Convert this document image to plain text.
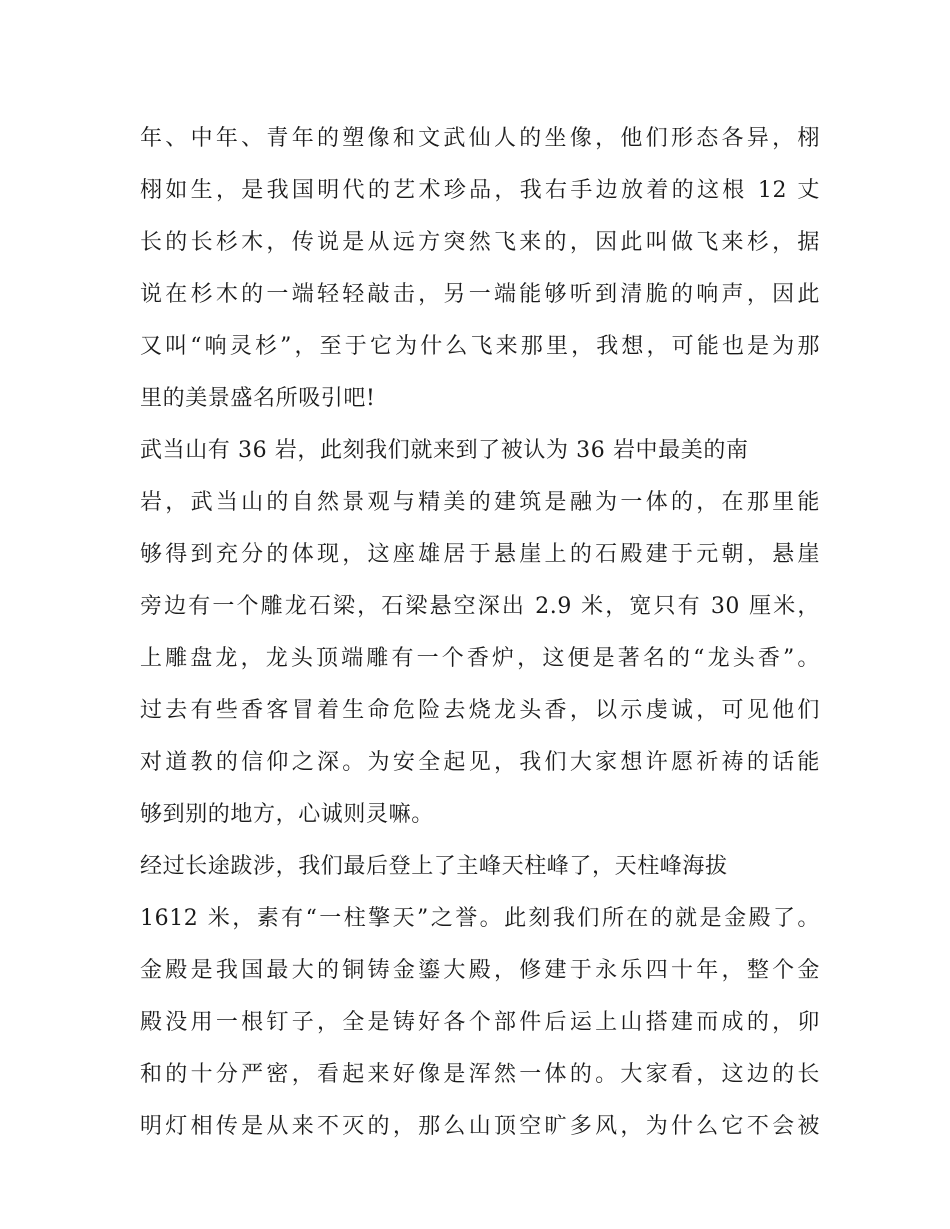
年、中年、青年的塑像和文武仙人的坐像，他们形态各异，栩
栩如生，是我国明代的艺术珍品，我右手边放着的这根 12 丈
长的长杉木，传说是从远方突然飞来的，因此叫做飞来杉，据
说在杉木的一端轻轻敲击，另一端能够听到清脆的响声，因此
又叫“响灵杉”，至于它为什么飞来那里，我想，可能也是为那
里的美景盛名所吸引吧!
武当山有 36 岩，此刻我们就来到了被认为 36 岩中最美的南
岩，武当山的自然景观与精美的建筑是融为一体的，在那里能
够得到充分的体现，这座雄居于悬崖上的石殿建于元朝，悬崖
旁边有一个雕龙石梁，石梁悬空深出 2.9 米，宽只有 30 厘米，
上雕盘龙，龙头顶端雕有一个香炉，这便是著名的“龙头香”。
过去有些香客冒着生命危险去烧龙头香，以示虔诚，可见他们
对道教的信仰之深。为安全起见，我们大家想许愿祈祷的话能
够到别的地方，心诚则灵嘛。
经过长途跋涉，我们最后登上了主峰天柱峰了，天柱峰海拔
1612 米，素有“一柱擎天”之誉。此刻我们所在的就是金殿了。
金殿是我国最大的铜铸金鎏大殿，修建于永乐四十年，整个金
殿没用一根钉子，全是铸好各个部件后运上山搭建而成的，卯
和的十分严密，看起来好像是浑然一体的。大家看，这边的长
明灯相传是从来不灭的，那么山顶空旷多风，为什么它不会被
